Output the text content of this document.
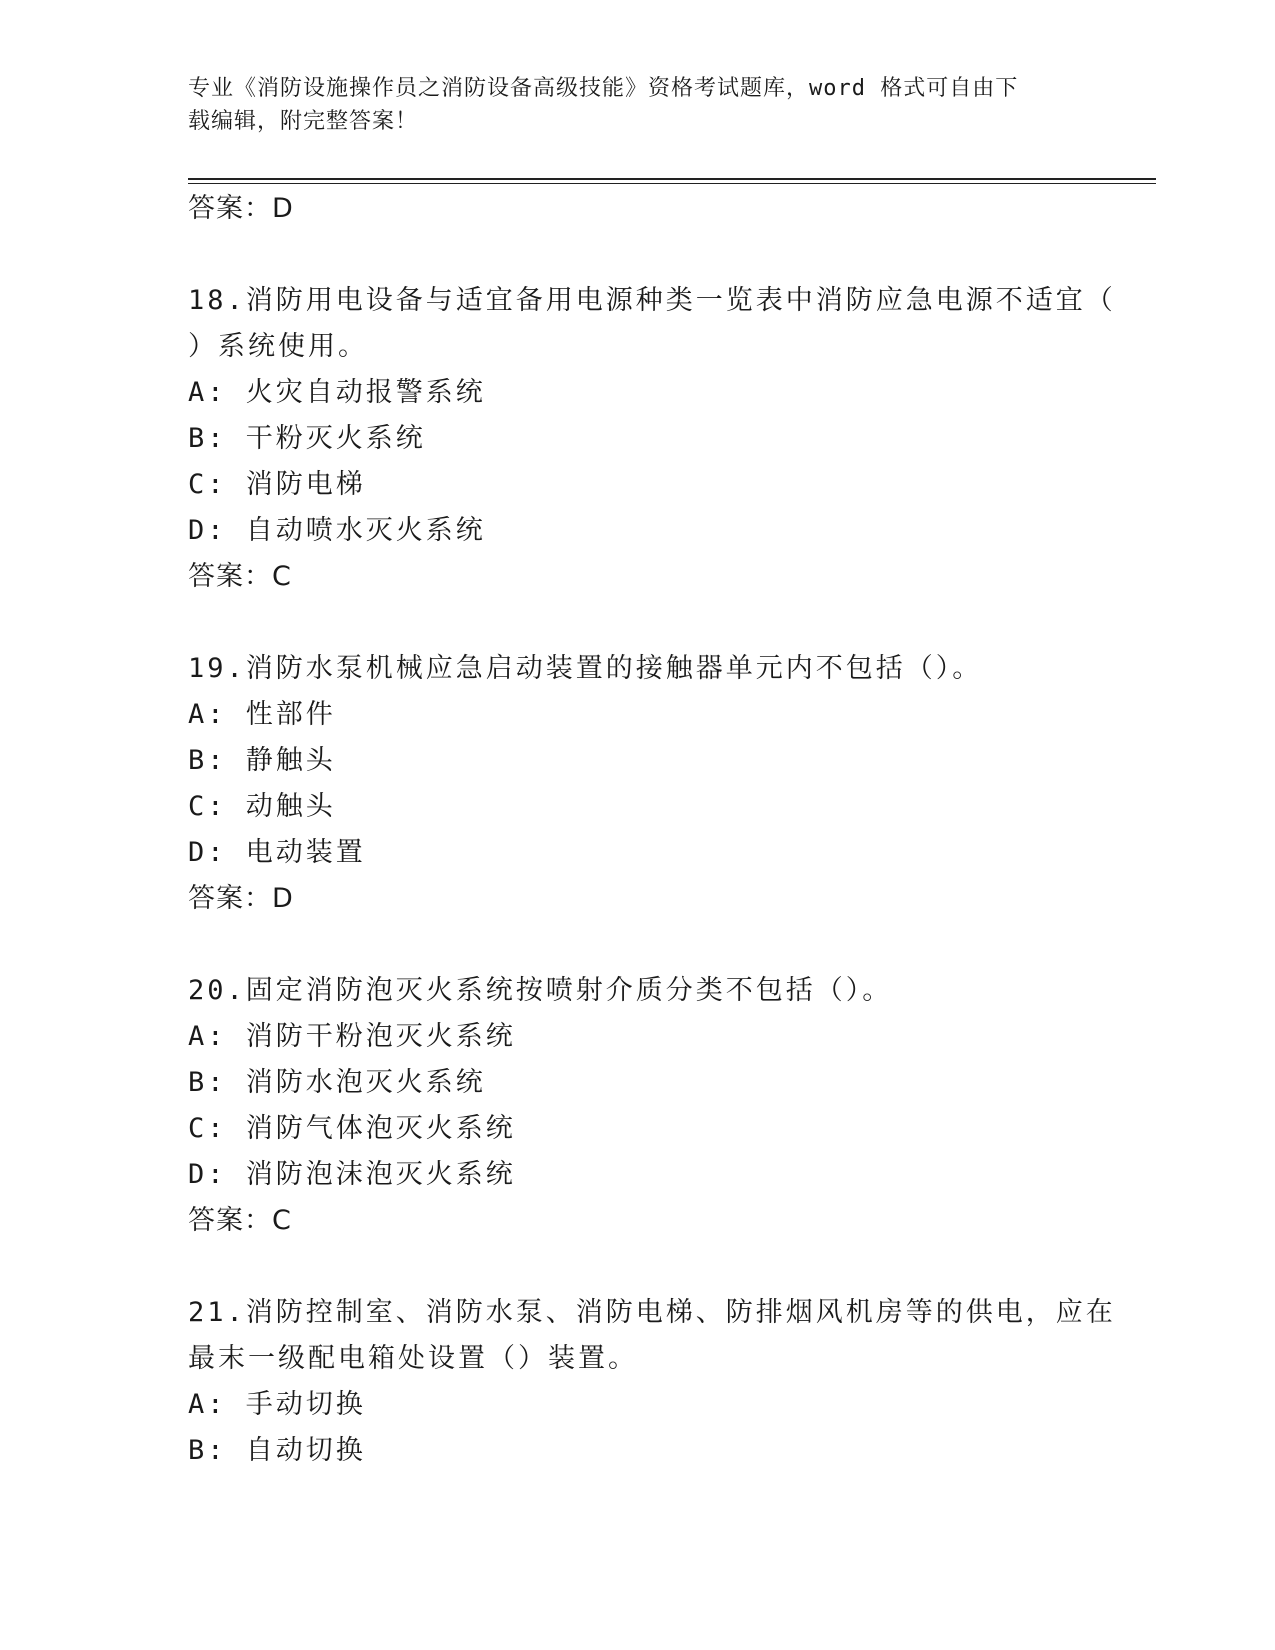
专业《消防设施操作员之消防设备高级技能》资格考试题库，word 格式可自由下
载编辑，附完整答案！
答案：D
18.消防用电设备与适宜备用电源种类一览表中消防应急电源不适宜（
）系统使用。
A: 火灾自动报警系统
B: 干粉灭火系统
C: 消防电梯
D: 自动喷水灭火系统
答案：C
19.消防水泵机械应急启动装置的接触器单元内不包括（）。
A: 性部件
B: 静触头
C: 动触头
D: 电动装置
答案：D
20.固定消防泡灭火系统按喷射介质分类不包括（）。
A: 消防干粉泡灭火系统
B: 消防水泡灭火系统
C: 消防气体泡灭火系统
D: 消防泡沫泡灭火系统
答案：C
21.消防控制室、消防水泵、消防电梯、防排烟风机房等的供电，应在
最末一级配电箱处设置（）装置。
A: 手动切换
B: 自动切换
